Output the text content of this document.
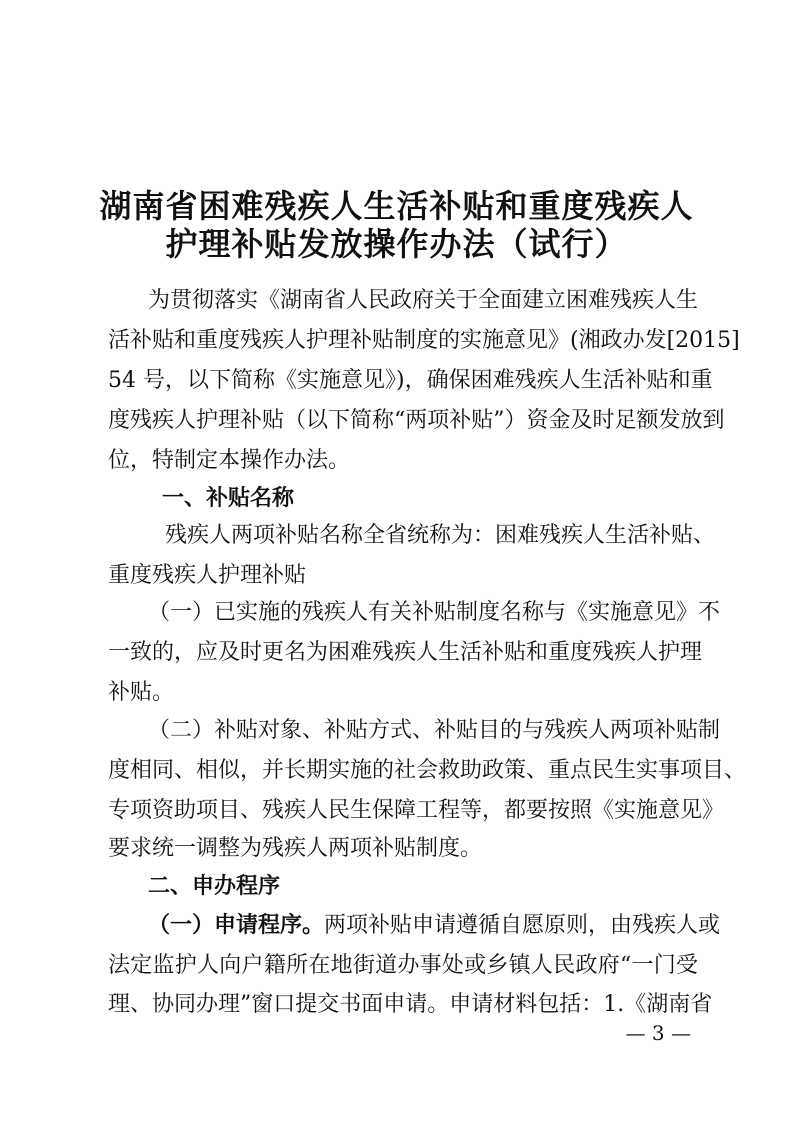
湖南省困难残疾人生活补贴和重度残疾人
护理补贴发放操作办法（试行）
为贯彻落实《湖南省人民政府关于全面建立困难残疾人生
活补贴和重度残疾人护理补贴制度的实施意见》(湘政办发[2015]
54 号，以下简称《实施意见》)，确保困难残疾人生活补贴和重
度残疾人护理补贴（以下简称“两项补贴”）资金及时足额发放到
位，特制定本操作办法。
一、补贴名称
残疾人两项补贴名称全省统称为：困难残疾人生活补贴、
重度残疾人护理补贴
（一）已实施的残疾人有关补贴制度名称与《实施意见》不
一致的，应及时更名为困难残疾人生活补贴和重度残疾人护理
补贴。
（二）补贴对象、补贴方式、补贴目的与残疾人两项补贴制
度相同、相似，并长期实施的社会救助政策、重点民生实事项目、
专项资助项目、残疾人民生保障工程等，都要按照《实施意见》
要求统一调整为残疾人两项补贴制度。
二、申办程序
（一）申请程序。两项补贴申请遵循自愿原则，由残疾人或
法定监护人向户籍所在地街道办事处或乡镇人民政府“一门受
理、协同办理”窗口提交书面申请。申请材料包括：1.《湖南省
— 3 —
